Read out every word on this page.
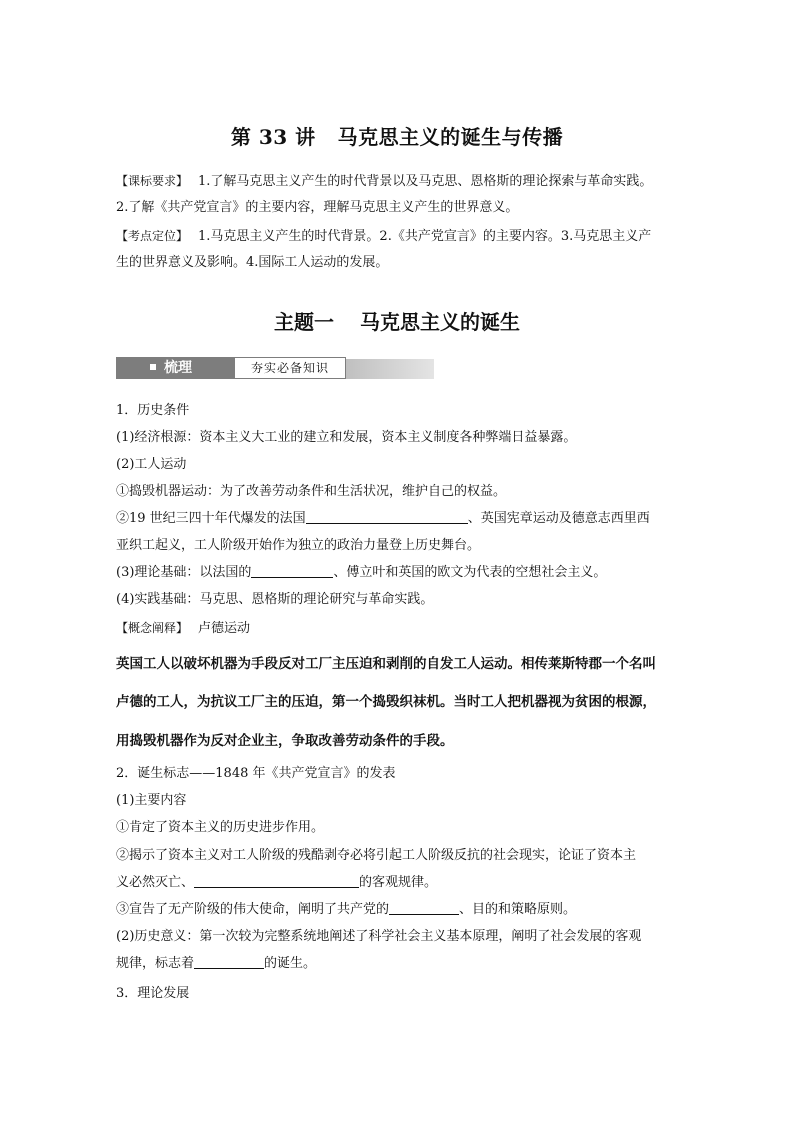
第 33 讲 马克思主义的诞生与传播
【课标要求】 1.了解马克思主义产生的时代背景以及马克思、恩格斯的理论探索与革命实践。
2.了解《共产党宣言》的主要内容，理解马克思主义产生的世界意义。
【考点定位】 1.马克思主义产生的时代背景。2.《共产党宣言》的主要内容。3.马克思主义产
生的世界意义及影响。4.国际工人运动的发展。
主题一 马克思主义的诞生
梳理	夯实必备知识
1．历史条件
(1)经济根源：资本主义大工业的建立和发展，资本主义制度各种弊端日益暴露。
(2)工人运动
①捣毁机器运动：为了改善劳动条件和生活状况，维护自己的权益。
②19 世纪三四十年代爆发的法国	、英国宪章运动及德意志西里西
亚织工起义，工人阶级开始作为独立的政治力量登上历史舞台。
(3)理论基础：以法国的	、傅立叶和英国的欧文为代表的空想社会主义。
(4)实践基础：马克思、恩格斯的理论研究与革命实践。
【概念阐释】 卢德运动
英国工人以破坏机器为手段反对工厂主压迫和剥削的自发工人运动。相传莱斯特郡一个名叫
卢德的工人，为抗议工厂主的压迫，第一个捣毁织袜机。当时工人把机器视为贫困的根源，
用捣毁机器作为反对企业主，争取改善劳动条件的手段。
2．诞生标志——1848 年《共产党宣言》的发表
(1)主要内容
①肯定了资本主义的历史进步作用。
②揭示了资本主义对工人阶级的残酷剥夺必将引起工人阶级反抗的社会现实，论证了资本主
义必然灭亡、	的客观规律。
③宣告了无产阶级的伟大使命，阐明了共产党的	、目的和策略原则。
(2)历史意义：第一次较为完整系统地阐述了科学社会主义基本原理，阐明了社会发展的客观
规律，标志着	的诞生。
3．理论发展
